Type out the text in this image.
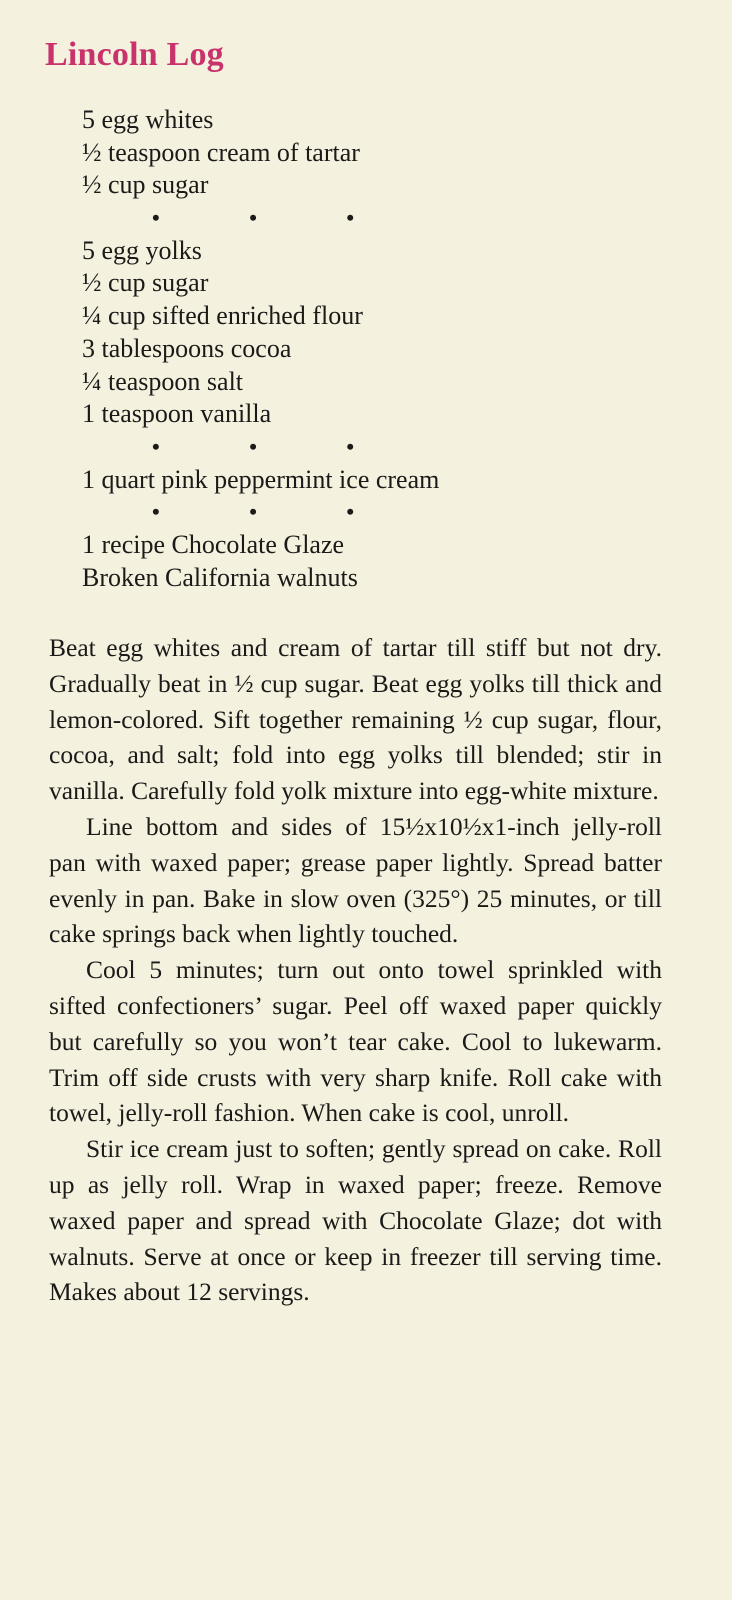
Lincoln Log
5 egg whites
½ teaspoon cream of tartar
½ cup sugar
• • •
5 egg yolks
½ cup sugar
¼ cup sifted enriched flour
3 tablespoons cocoa
¼ teaspoon salt
1 teaspoon vanilla
• • •
1 quart pink peppermint ice cream
• • •
1 recipe Chocolate Glaze
Broken California walnuts

Beat egg whites and cream of tartar till stiff but not dry. Gradually beat in ½ cup sugar. Beat egg yolks till thick and lemon-colored. Sift together remaining ½ cup sugar, flour, cocoa, and salt; fold into egg yolks till blended; stir in vanilla. Carefully fold yolk mixture into egg-white mixture.

Line bottom and sides of 15½x10½x1-inch jelly-roll pan with waxed paper; grease paper lightly. Spread batter evenly in pan. Bake in slow oven (325°) 25 minutes, or till cake springs back when lightly touched.

Cool 5 minutes; turn out onto towel sprinkled with sifted confectioners’ sugar. Peel off waxed paper quickly but carefully so you won’t tear cake. Cool to lukewarm. Trim off side crusts with very sharp knife. Roll cake with towel, jelly-roll fashion. When cake is cool, unroll.

Stir ice cream just to soften; gently spread on cake. Roll up as jelly roll. Wrap in waxed paper; freeze. Remove waxed paper and spread with Chocolate Glaze; dot with walnuts. Serve at once or keep in freezer till serving time. Makes about 12 servings.
